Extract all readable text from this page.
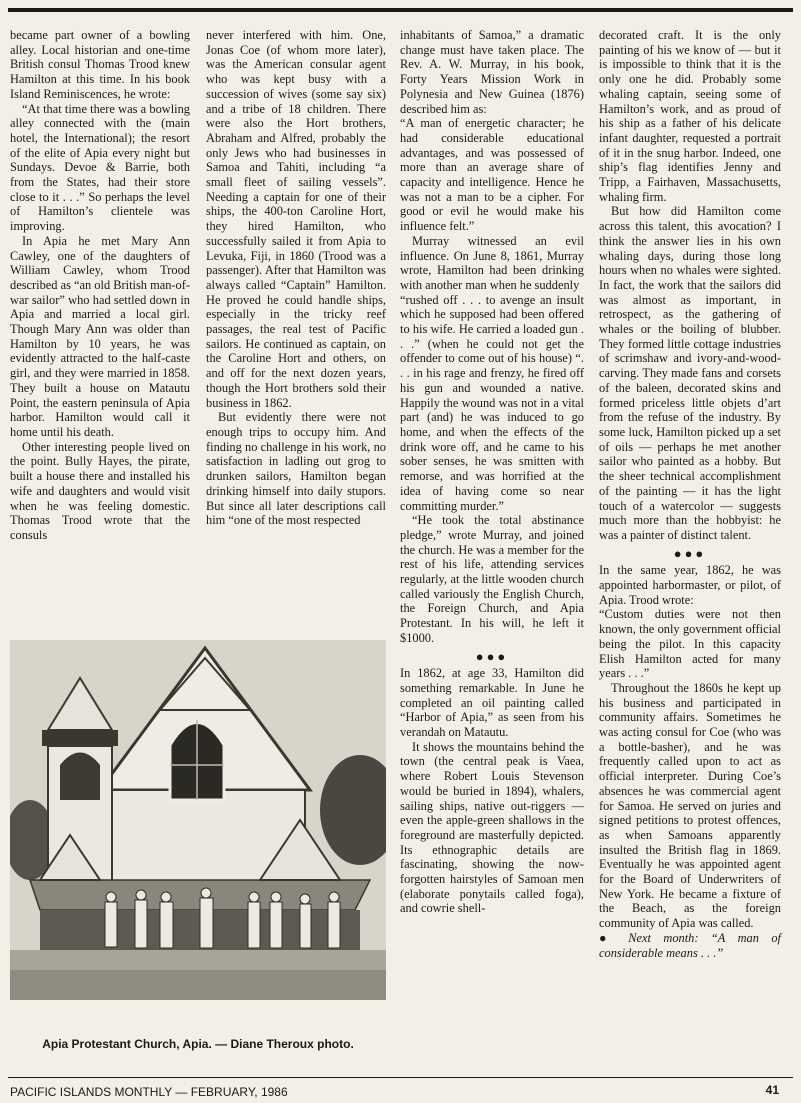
became part owner of a bowling alley. Local historian and one-time British consul Thomas Trood knew Hamilton at this time. In his book Island Reminiscences, he wrote:

“At that time there was a bowling alley connected with the (main hotel, the International); the resort of the elite of Apia every night but Sundays. Devoe & Barrie, both from the States, had their store close to it . . .” So perhaps the level of Hamilton’s clientele was improving.

In Apia he met Mary Ann Cawley, one of the daughters of William Cawley, whom Trood described as “an old British man-of-war sailor” who had settled down in Apia and married a local girl. Though Mary Ann was older than Hamilton by 10 years, he was evidently attracted to the half-caste girl, and they were married in 1858. They built a house on Matautu Point, the eastern peninsula of Apia harbor. Hamilton would call it home until his death.

Other interesting people lived on the point. Bully Hayes, the pirate, built a house there and installed his wife and daughters and would visit when he was feeling domestic. Thomas Trood wrote that the consuls

never interfered with him. One, Jonas Coe (of whom more later), was the American consular agent who was kept busy with a succession of wives (some say six) and a tribe of 18 children. There were also the Hort brothers, Abraham and Alfred, probably the only Jews who had businesses in Samoa and Tahiti, including “a small fleet of sailing vessels”. Needing a captain for one of their ships, the 400-ton Caroline Hort, they hired Hamilton, who successfully sailed it from Apia to Levuka, Fiji, in 1860 (Trood was a passenger). After that Hamilton was always called “Captain” Hamilton. He proved he could handle ships, especially in the tricky reef passages, the real test of Pacific sailors. He continued as captain, on the Caroline Hort and others, on and off for the next dozen years, though the Hort brothers sold their business in 1862.

But evidently there were not enough trips to occupy him. And finding no challenge in his work, no satisfaction in ladling out grog to drunken sailors, Hamilton began drinking himself into daily stupors. But since all later descriptions call him “one of the most respected

inhabitants of Samoa,” a dramatic change must have taken place. The Rev. A. W. Murray, in his book, Forty Years Mission Work in Polynesia and New Guinea (1876) described him as:

“A man of energetic character; he had considerable educational advantages, and was possessed of more than an average share of capacity and intelligence. Hence he was not a man to be a cipher. For good or evil he would make his influence felt.”

Murray witnessed an evil influence. On June 8, 1861, Murray wrote, Hamilton had been drinking with another man when he suddenly

“rushed off . . . to avenge an insult which he supposed had been offered to his wife. He carried a loaded gun . . .” (when he could not get the offender to come out of his house) “. . . in his rage and frenzy, he fired off his gun and wounded a native. Happily the wound was not in a vital part (and) he was induced to go home, and when the effects of the drink wore off, and he came to his sober senses, he was smitten with remorse, and was horrified at the idea of having come so near committing murder.”

“He took the total abstinance pledge,” wrote Murray, and joined the church. He was a member for the rest of his life, attending services regularly, at the little wooden church called variously the English Church, the Foreign Church, and Apia Protestant. In his will, he left it $1000.

●●●

In 1862, at age 33, Hamilton did something remarkable. In June he completed an oil painting called “Harbor of Apia,” as seen from his verandah on Matautu.

It shows the mountains behind the town (the central peak is Vaea, where Robert Louis Stevenson would be buried in 1894), whalers, sailing ships, native out-riggers — even the apple-green shallows in the foreground are masterfully depicted. Its ethnographic details are fascinating, showing the now-forgotten hairstyles of Samoan men (elaborate ponytails called foga), and cowrie shell-

decorated craft. It is the only painting of his we know of — but it is impossible to think that it is the only one he did. Probably some whaling captain, seeing some of Hamilton’s work, and as proud of his ship as a father of his delicate infant daughter, requested a portrait of it in the snug harbor. Indeed, one ship’s flag identifies Jenny and Tripp, a Fairhaven, Massachusetts, whaling firm.

But how did Hamilton come across this talent, this avocation? I think the answer lies in his own whaling days, during those long hours when no whales were sighted. In fact, the work that the sailors did was almost as important, in retrospect, as the gathering of whales or the boiling of blubber. They formed little cottage industries of scrimshaw and ivory-and-wood-carving. They made fans and corsets of the baleen, decorated skins and formed priceless little objets d’art from the refuse of the industry. By some luck, Hamilton picked up a set of oils — perhaps he met another sailor who painted as a hobby. But the sheer technical accomplishment of the painting — it has the light touch of a watercolor — suggests much more than the hobbyist: he was a painter of distinct talent.

●●●

In the same year, 1862, he was appointed harbormaster, or pilot, of Apia. Trood wrote:

“Custom duties were not then known, the only government official being the pilot. In this capacity Elish Hamilton acted for many years . . .”

Throughout the 1860s he kept up his business and participated in community affairs. Sometimes he was acting consul for Coe (who was a bottle-basher), and he was frequently called upon to act as official interpreter. During Coe’s absences he was commercial agent for Samoa. He served on juries and signed petitions to protest offences, as when Samoans apparently insulted the British flag in 1869. Eventually he was appointed agent for the Board of Underwriters of New York. He became a fixture of the Beach, as the foreign community of Apia was called.

● Next month: “A man of considerable means . . .”

Apia Protestant Church, Apia. — Diane Theroux photo.
PACIFIC ISLANDS MONTHLY — FEBRUARY, 1986	41
